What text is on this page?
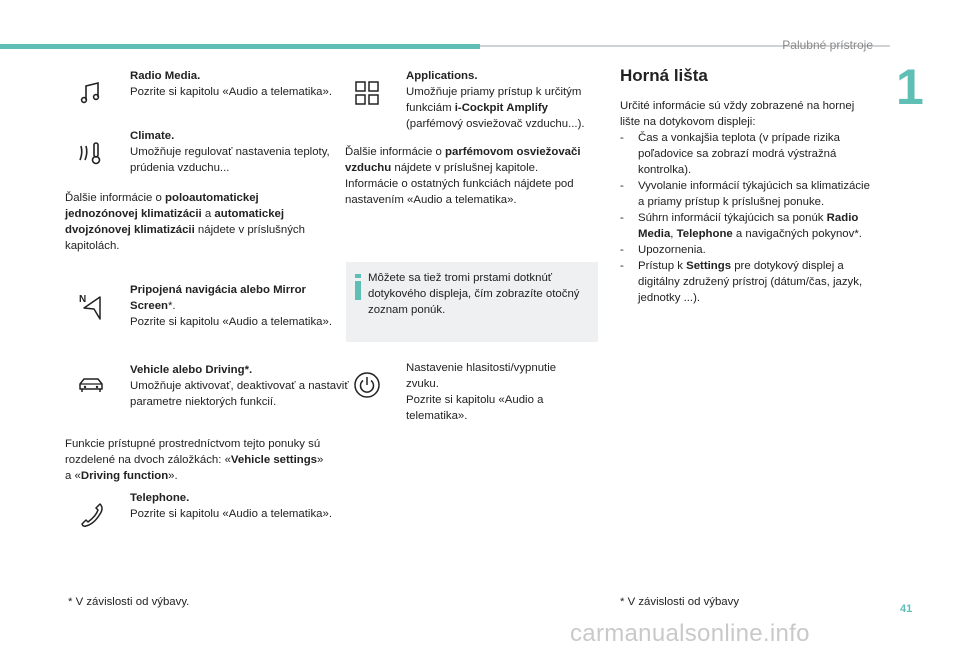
Palubné prístroje
1
Radio Media.
Pozrite si kapitolu «Audio a telematika».
Climate.
Umožňuje regulovať nastavenia teploty, prúdenia vzduchu...
Ďalšie informácie o poloautomatickej jednozónovej klimatizácii a automatickej dvojzónovej klimatizácii nájdete v príslušných kapitolách.
N
Pripojená navigácia alebo Mirror Screen*.
Pozrite si kapitolu «Audio a telematika».
Vehicle alebo Driving*.
Umožňuje aktivovať, deaktivovať a nastaviť parametre niektorých funkcií.
Funkcie prístupné prostredníctvom tejto ponuky sú rozdelené na dvoch záložkách: «Vehicle settings» a «Driving function».
Telephone.
Pozrite si kapitolu «Audio a telematika».
* V závislosti od výbavy.
Applications.
Umožňuje priamy prístup k určitým funkciám i-Cockpit Amplify (parfémový osviežovač vzduchu...).
Ďalšie informácie o parfémovom osviežovači vzduchu nájdete v príslušnej kapitole.
Informácie o ostatných funkciách nájdete pod nastavením «Audio a telematika».
Môžete sa tiež tromi prstami dotknúť dotykového displeja, čím zobrazíte otočný zoznam ponúk.
Nastavenie hlasitosti/vypnutie zvuku.
Pozrite si kapitolu «Audio a telematika».
Horná lišta
Určité informácie sú vždy zobrazené na hornej lište na dotykovom displeji:
- Čas a vonkajšia teplota (v prípade rizika poľadovice sa zobrazí modrá výstražná kontrolka).
- Vyvolanie informácií týkajúcich sa klimatizácie a priamy prístup k príslušnej ponuke.
- Súhrn informácií týkajúcich sa ponúk Radio Media, Telephone a navigačných pokynov*.
- Upozornenia.
- Prístup k Settings pre dotykový displej a digitálny združený prístroj (dátum/čas, jazyk, jednotky ...).
* V závislosti od výbavy
41
carmanualsonline.info
